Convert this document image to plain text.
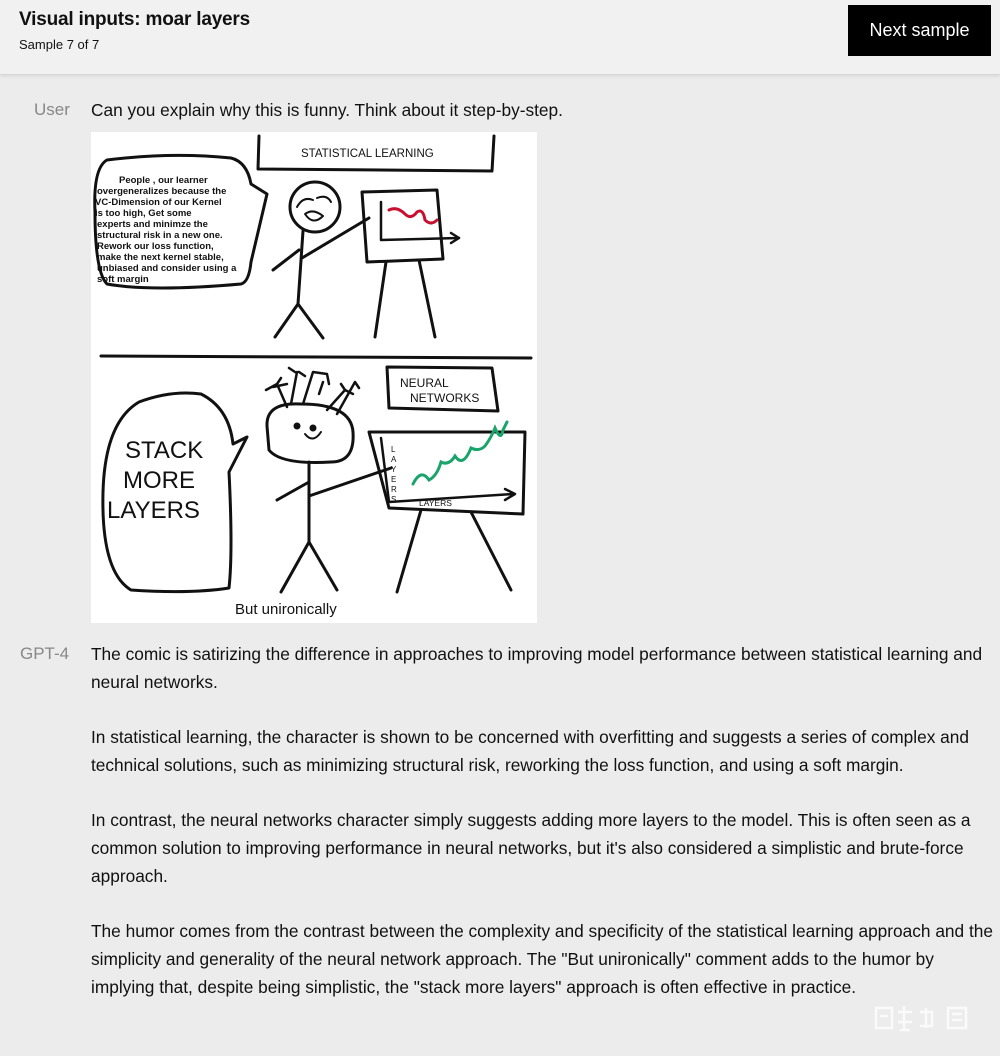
Visual inputs: moar layers
Sample 7 of 7
Next sample
User Can you explain why this is funny. Think about it step-by-step.
STATISTICAL LEARNING
People , our learner
overgeneralizes because the
VC-Dimension of our Kernel
is too high, Get some
experts and minimze the
structural risk in a new one.
Rework our loss function,
make the next kernel stable,
unbiased and consider using a
soft margin
NEURAL
NETWORKS
STACK
MORE
LAYERS
L
A
Y
E
R
S	LAYERS
But unironically
GPT-4 The comic is satirizing the difference in approaches to improving model performance between statistical learning and neural networks.

In statistical learning, the character is shown to be concerned with overfitting and suggests a series of complex and technical solutions, such as minimizing structural risk, reworking the loss function, and using a soft margin.

In contrast, the neural networks character simply suggests adding more layers to the model. This is often seen as a common solution to improving performance in neural networks, but it's also considered a simplistic and brute-force approach.

The humor comes from the contrast between the complexity and specificity of the statistical learning approach and the simplicity and generality of the neural network approach. The "But unironically" comment adds to the humor by implying that, despite being simplistic, the "stack more layers" approach is often effective in practice.
